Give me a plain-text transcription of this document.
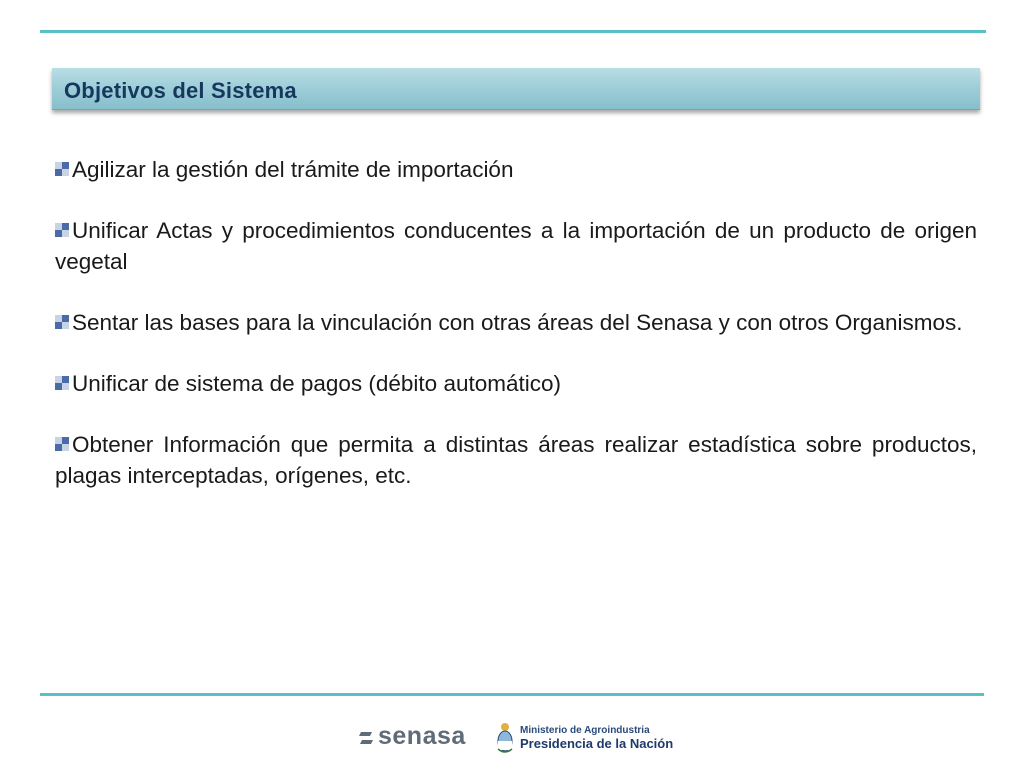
Objetivos del Sistema

Agilizar la gestión del trámite de importación

Unificar Actas y procedimientos conducentes a la importación de un producto de origen vegetal

Sentar las bases para la vinculación con otras áreas del Senasa y con otros Organismos.

Unificar de sistema de pagos (débito automático)

Obtener Información que permita a distintas áreas realizar estadística sobre productos, plagas interceptadas, orígenes, etc.

senasa	Ministerio de Agroindustria
Presidencia de la Nación
